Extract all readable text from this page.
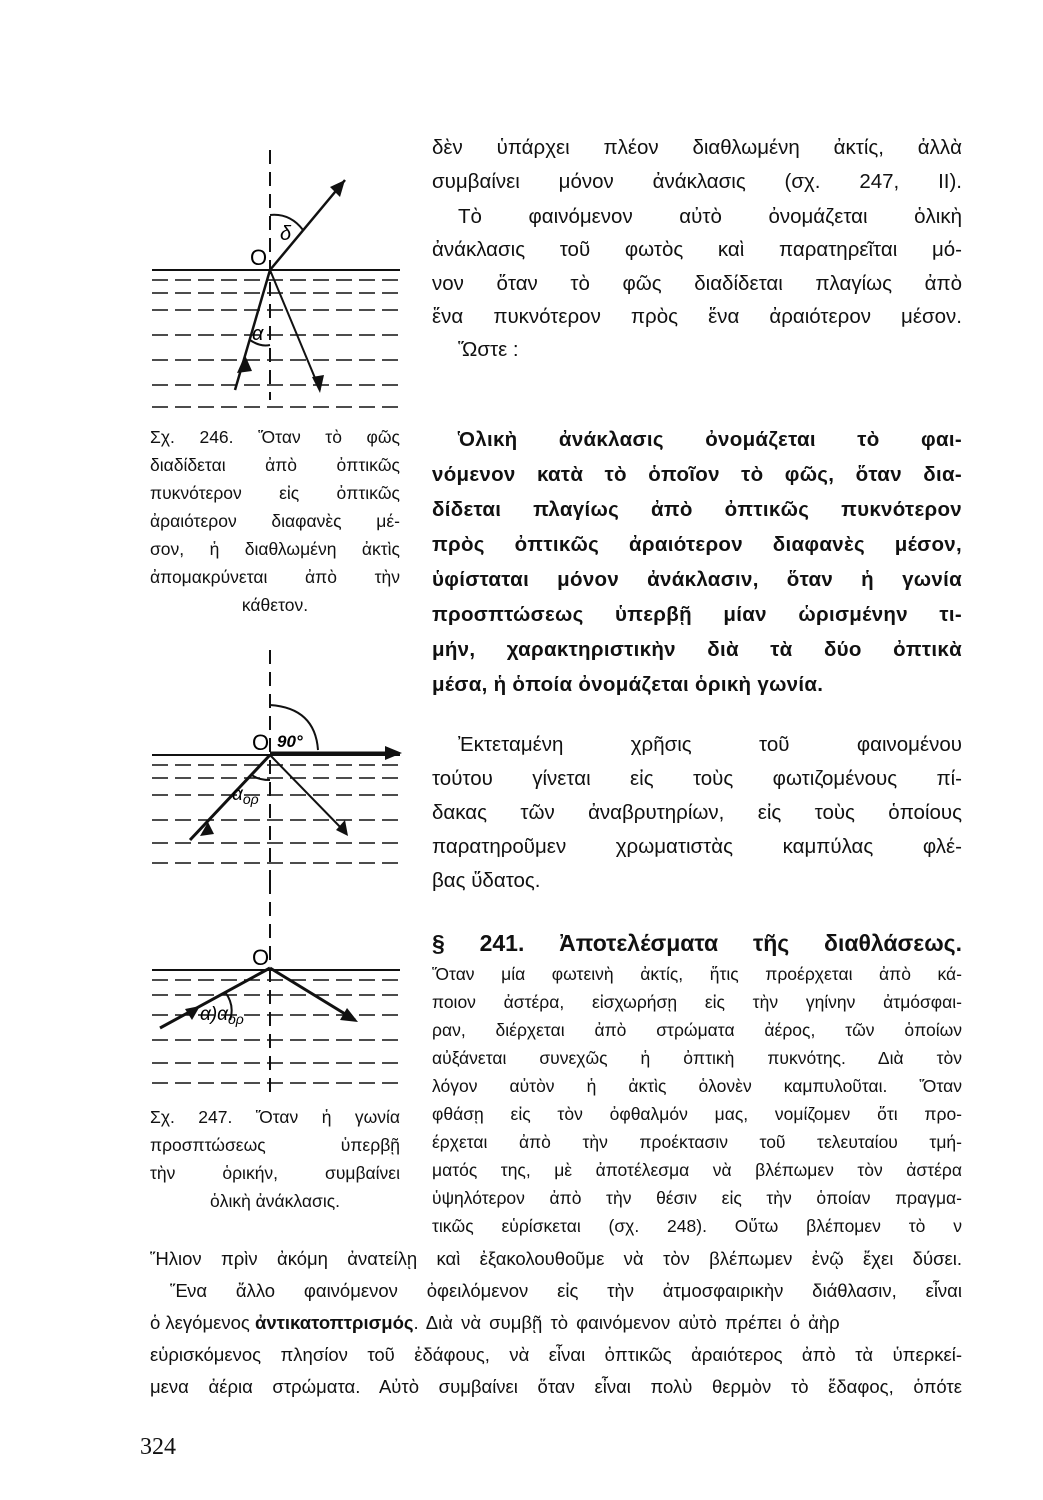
O
δ
α
O 90°
$\alpha_{o\rho}$
O
$\alpha)\alpha_{o\rho}$
δὲν ὑπάρχει πλέον διαθλωμένη ἀκτίς, ἀλλὰ
συμβαίνει μόνον ἀνάκλασις (σχ. 247, ΙΙ).
Τὸ φαινόμενον αὐτὸ ὀνομάζεται ὁλικὴ
ἀνάκλασις τοῦ φωτὸς καὶ παρατηρεῖται μό-
νον ὅταν τὸ φῶς διαδίδεται πλαγίως ἀπὸ
ἕνα πυκνότερον πρὸς ἕνα ἀραιότερον μέσον.
Ὥστε :
Ὁλικὴ ἀνάκλασις ὀνομάζεται τὸ φαι-
νόμενον κατὰ τὸ ὁποῖον τὸ φῶς, ὅταν δια-
δίδεται πλαγίως ἀπὸ ὀπτικῶς πυκνότερον
πρὸς ὀπτικῶς ἀραιότερον διαφανὲς μέσον,
ὑφίσταται μόνον ἀνάκλασιν, ὅταν ἡ γωνία
προσπτώσεως ὑπερβῇ μίαν ὡρισμένην τι-
μήν, χαρακτηριστικὴν διὰ τὰ δύο ὀπτικὰ
μέσα, ἡ ὁποία ὀνομάζεται ὁρικὴ γωνία.
Ἐκτεταμένη χρῆσις τοῦ φαινομένου
τούτου γίνεται εἰς τοὺς φωτιζομένους πί-
δακας τῶν ἀναβρυτηρίων, εἰς τοὺς ὁποίους
παρατηροῦμεν χρωματιστὰς καμπύλας φλέ-
βας ὕδατος.
§ 241. Ἀποτελέσματα τῆς διαθλάσεως.
Ὅταν μία φωτεινὴ ἀκτίς, ἥτις προέρχεται ἀπὸ κά-
ποιον ἀστέρα, εἰσχωρήσῃ εἰς τὴν γηίνην ἀτμόσφαι-
ραν, διέρχεται ἀπὸ στρώματα ἀέρος, τῶν ὁποίων
αὐξάνεται συνεχῶς ἡ ὀπτικὴ πυκνότης. Διὰ τὸν
λόγον αὐτὸν ἡ ἀκτὶς ὁλονὲν καμπυλοῦται. Ὅταν
φθάσῃ εἰς τὸν ὀφθαλμόν μας, νομίζομεν ὅτι προ-
έρχεται ἀπὸ τὴν προέκτασιν τοῦ τελευταίου τμή-
ματός της, μὲ ἀποτέλεσμα νὰ βλέπωμεν τὸν ἀστέρα
ὑψηλότερον ἀπὸ τὴν θέσιν εἰς τὴν ὁποίαν πραγμα-
τικῶς εὑρίσκεται (σχ. 248). Οὕτω βλέπομεν τὸ ν
Ἥλιον πρὶν ἀκόμη ἀνατείλῃ καὶ ἐξακολουθοῦμε νὰ τὸν βλέπωμεν ἐνῷ ἔχει δύσει.
Ἕνα ἄλλο φαινόμενον ὀφειλόμενον εἰς τὴν ἀτμοσφαιρικὴν διάθλασιν, εἶναι
ὁ λεγόμενος ἀντικατοπτρισμός. Διὰ νὰ συμβῇ τὸ φαινόμενον αὐτὸ πρέπει ὁ ἀὴρ
εὑρισκόμενος πλησίον τοῦ ἐδάφους, νὰ εἶναι ὀπτικῶς ἀραιότερος ἀπὸ τὰ ὑπερκεί-
μενα ἀέρια στρώματα. Αὐτὸ συμβαίνει ὅταν εἶναι πολὺ θερμὸν τὸ ἔδαφος, ὁπότε
Σχ. 246. Ὅταν τὸ φῶς
διαδίδεται ἀπὸ ὀπτικῶς
πυκνότερον εἰς ὀπτικῶς
ἀραιότερον διαφανὲς μέ-
σον, ἡ διαθλωμένη ἀκτὶς
ἀπομακρύνεται ἀπὸ τὴν
κάθετον.
Σχ. 247. Ὅταν ἡ γωνία
προσπτώσεως ὑπερβῇ
τὴν ὁρικήν, συμβαίνει
ὁλικὴ ἀνάκλασις.
324
